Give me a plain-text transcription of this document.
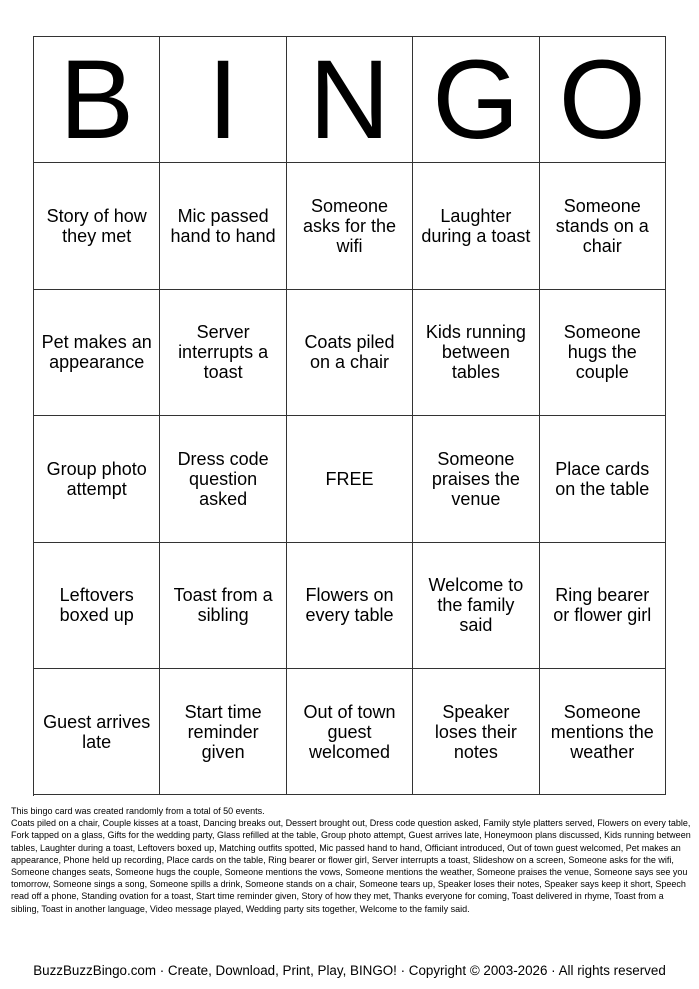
B I N G O
Story of how they met
Mic passed hand to hand
Someone asks for the wifi
Laughter during a toast
Someone stands on a chair
Pet makes an appearance
Server interrupts a toast
Coats piled on a chair
Kids running between tables
Someone hugs the couple
Group photo attempt
Dress code question asked
FREE
Someone praises the venue
Place cards on the table
Leftovers boxed up
Toast from a sibling
Flowers on every table
Welcome to the family said
Ring bearer or flower girl
Guest arrives late
Start time reminder given
Out of town guest welcomed
Speaker loses their notes
Someone mentions the weather
This bingo card was created randomly from a total of 50 events.
Coats piled on a chair, Couple kisses at a toast, Dancing breaks out, Dessert brought out, Dress code question asked, Family style platters served, Flowers on every table, Fork tapped on a glass, Gifts for the wedding party, Glass refilled at the table, Group photo attempt, Guest arrives late, Honeymoon plans discussed, Kids running between tables, Laughter during a toast, Leftovers boxed up, Matching outfits spotted, Mic passed hand to hand, Officiant introduced, Out of town guest welcomed, Pet makes an appearance, Phone held up recording, Place cards on the table, Ring bearer or flower girl, Server interrupts a toast, Slideshow on a screen, Someone asks for the wifi, Someone changes seats, Someone hugs the couple, Someone mentions the vows, Someone mentions the weather, Someone praises the venue, Someone says see you tomorrow, Someone sings a song, Someone spills a drink, Someone stands on a chair, Someone tears up, Speaker loses their notes, Speaker says keep it short, Speech read off a phone, Standing ovation for a toast, Start time reminder given, Story of how they met, Thanks everyone for coming, Toast delivered in rhyme, Toast from a sibling, Toast in another language, Video message played, Wedding party sits together, Welcome to the family said.
BuzzBuzzBingo.com · Create, Download, Print, Play, BINGO! · Copyright © 2003-2026 · All rights reserved
